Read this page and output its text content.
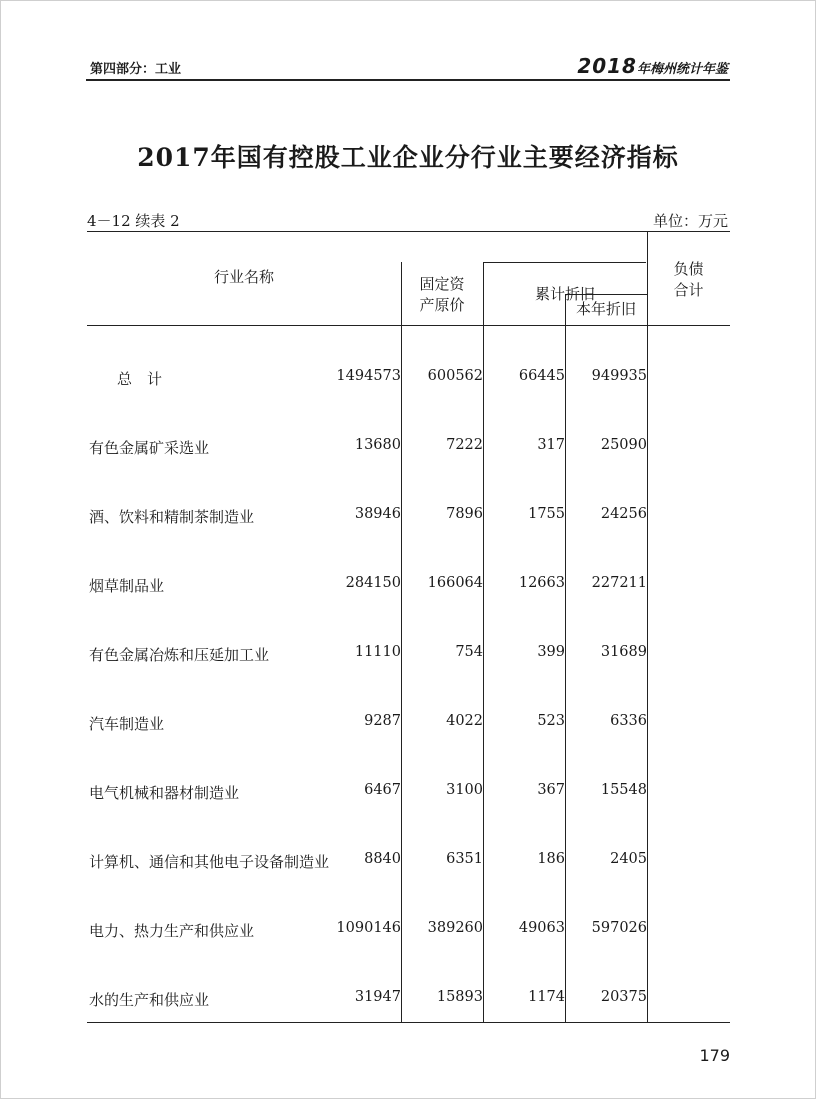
第四部分：工业	2018年梅州统计年鉴
2017年国有控股工业企业分行业主要经济指标
4－12 续表 2	单位：万元
行业名称	固定资
产原价
累计折旧
本年折旧
负债
合计
总　计	1494573 600562 66445 949935
有色金属矿采选业	13680	7222	317 25090
酒、饮料和精制茶制造业	38946	7896	1755 24256
烟草制品业	284150 166064 12663 227211
有色金属冶炼和压延加工业	11110	754	399 31689
汽车制造业	9287	4022	523	6336
电气机械和器材制造业	6467	3100	367 15548
计算机、通信和其他电子设备制造业 8840	6351	186	2405
电力、热力生产和供应业	1090146 389260 49063 597026
水的生产和供应业	31947 15893	1174 20375
179
